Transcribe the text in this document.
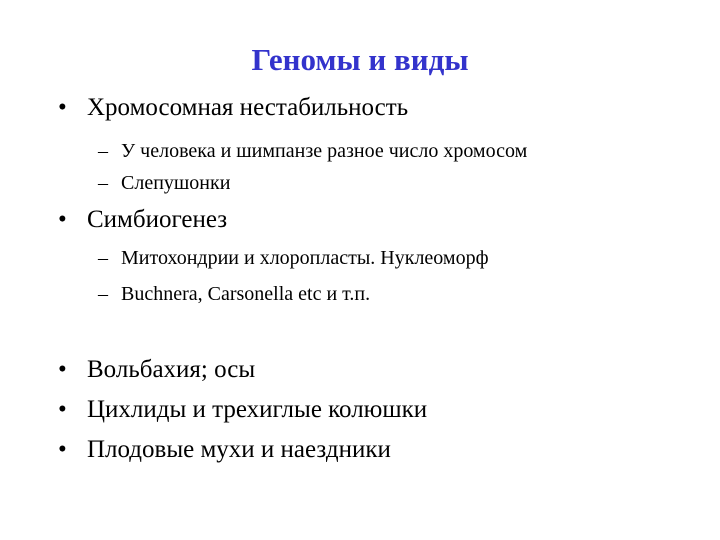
Геномы и виды
• Хромосомная нестабильность
– У человека и шимпанзе разное число хромосом
– Слепушонки
• Симбиогенез
– Митохондрии и хлоропласты. Нуклеоморф
– Buchnera, Carsonella etc и т.п.
• Вольбахия; осы
• Цихлиды и трехиглые колюшки
• Плодовые мухи и наездники
